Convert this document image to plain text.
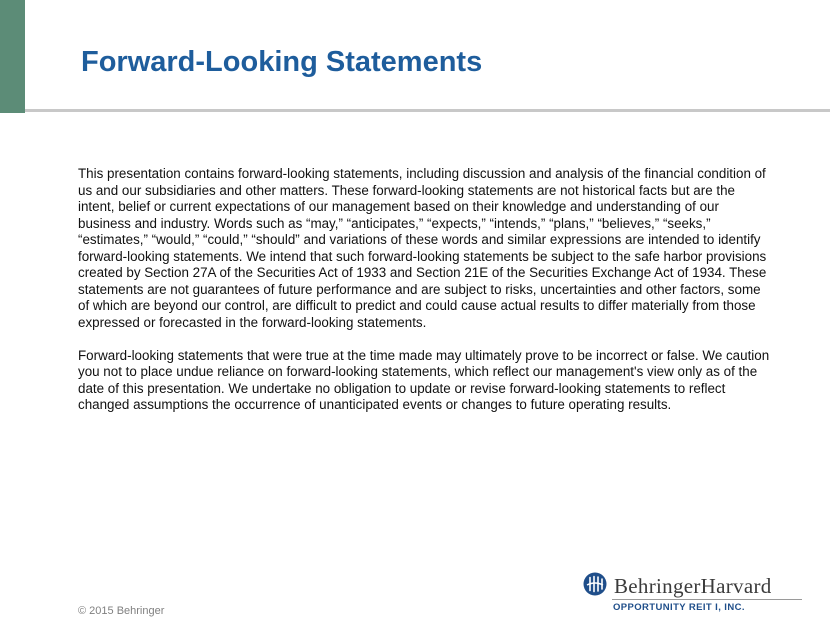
Forward-Looking Statements

This presentation contains forward-looking statements, including discussion and analysis of the financial condition of us and our subsidiaries and other matters. These forward-looking statements are not historical facts but are the intent, belief or current expectations of our management based on their knowledge and understanding of our business and industry. Words such as “may,” “anticipates,” “expects,” “intends,” “plans,” “believes,” “seeks,” “estimates,” “would,” “could,” “should” and variations of these words and similar expressions are intended to identify forward-looking statements. We intend that such forward-looking statements be subject to the safe harbor provisions created by Section 27A of the Securities Act of 1933 and Section 21E of the Securities Exchange Act of 1934. These statements are not guarantees of future performance and are subject to risks, uncertainties and other factors, some of which are beyond our control, are difficult to predict and could cause actual results to differ materially from those expressed or forecasted in the forward-looking statements.

Forward-looking statements that were true at the time made may ultimately prove to be incorrect or false. We caution you not to place undue reliance on forward-looking statements, which reflect our management's view only as of the date of this presentation. We undertake no obligation to update or revise forward-looking statements to reflect changed assumptions the occurrence of unanticipated events or changes to future operating results.

© 2015 Behringer
BehringerHarvard
OPPORTUNITY REIT I, INC.
